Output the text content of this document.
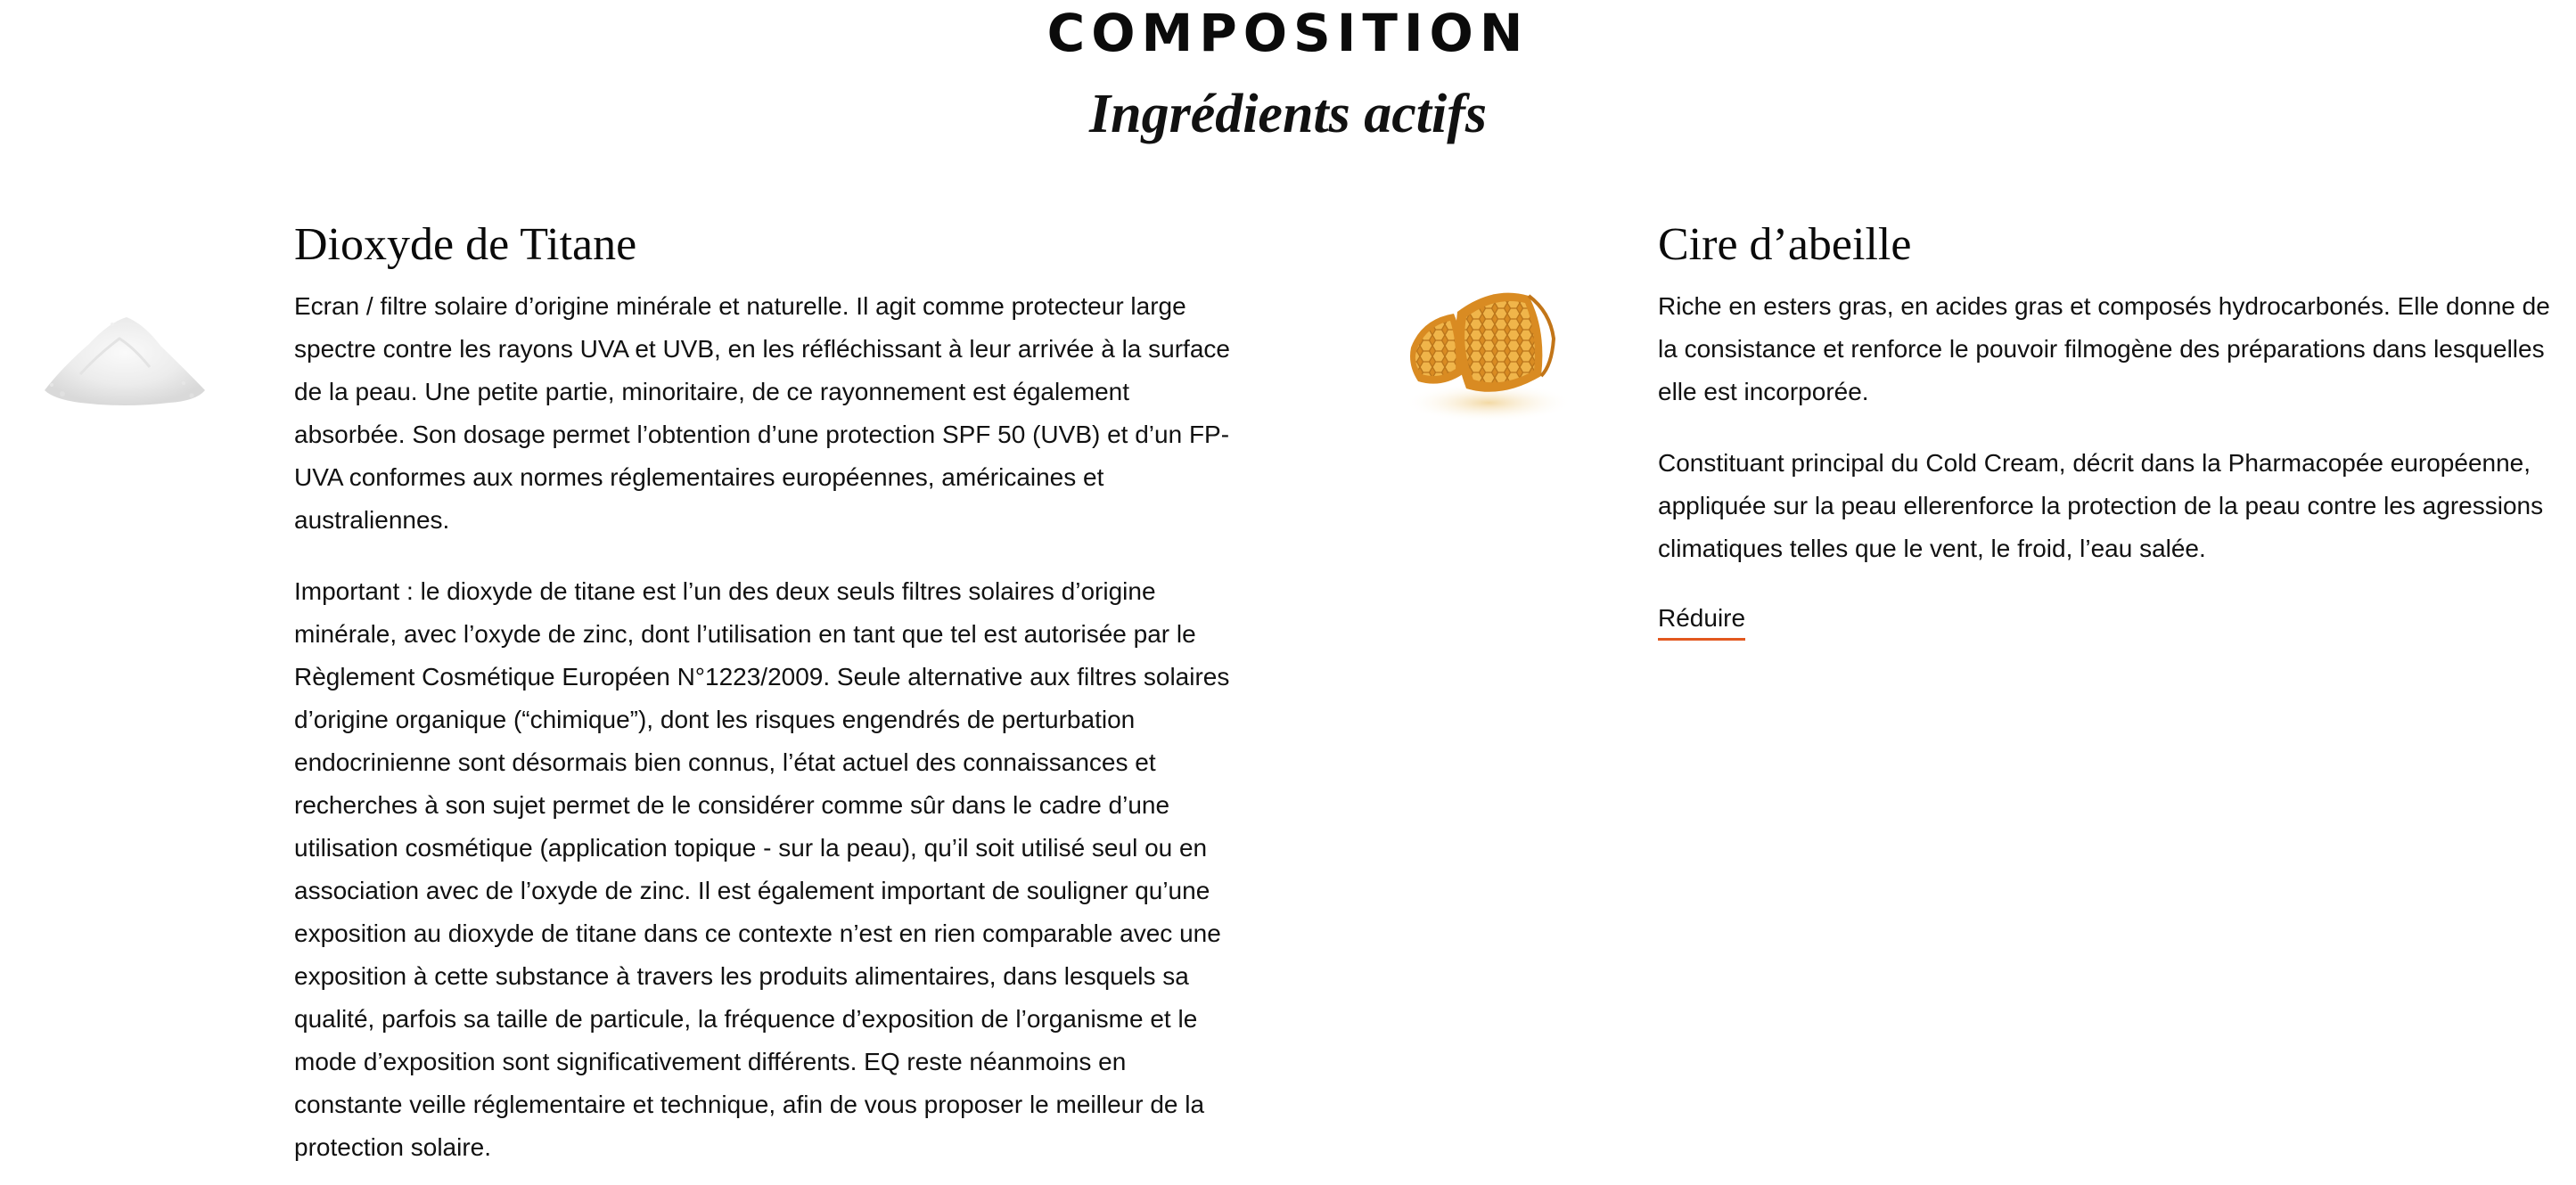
COMPOSITION
Ingrédients actifs
Dioxyde de Titane

Ecran / filtre solaire d’origine minérale et naturelle. Il agit comme protecteur large spectre contre les rayons UVA et UVB, en les réfléchissant à leur arrivée à la surface de la peau. Une petite partie, minoritaire, de ce rayonnement est également absorbée. Son dosage permet l’obtention d’une protection SPF 50 (UVB) et d’un FP-UVA conformes aux normes réglementaires européennes, américaines et australiennes.

Important : le dioxyde de titane est l’un des deux seuls filtres solaires d’origine minérale, avec l’oxyde de zinc, dont l’utilisation en tant que tel est autorisée par le Règlement Cosmétique Européen N°1223/2009. Seule alternative aux filtres solaires d’origine organique (“chimique”), dont les risques engendrés de perturbation endocrinienne sont désormais bien connus, l’état actuel des connaissances et recherches à son sujet permet de le considérer comme sûr dans le cadre d’une utilisation cosmétique (application topique - sur la peau), qu’il soit utilisé seul ou en association avec de l’oxyde de zinc. Il est également important de souligner qu’une exposition au dioxyde de titane dans ce contexte n’est en rien comparable avec une exposition à cette substance à travers les produits alimentaires, dans lesquels sa qualité, parfois sa taille de particule, la fréquence d’exposition de l’organisme et le mode d’exposition sont significativement différents. EQ reste néanmoins en constante veille réglementaire et technique, afin de vous proposer le meilleur de la protection solaire.

Cire d’abeille

Riche en esters gras, en acides gras et composés hydrocarbonés. Elle donne de la consistance et renforce le pouvoir filmogène des préparations dans lesquelles elle est incorporée.

Constituant principal du Cold Cream, décrit dans la Pharmacopée européenne, appliquée sur la peau ellerenforce la protection de la peau contre les agressions climatiques telles que le vent, le froid, l’eau salée.

Réduire
